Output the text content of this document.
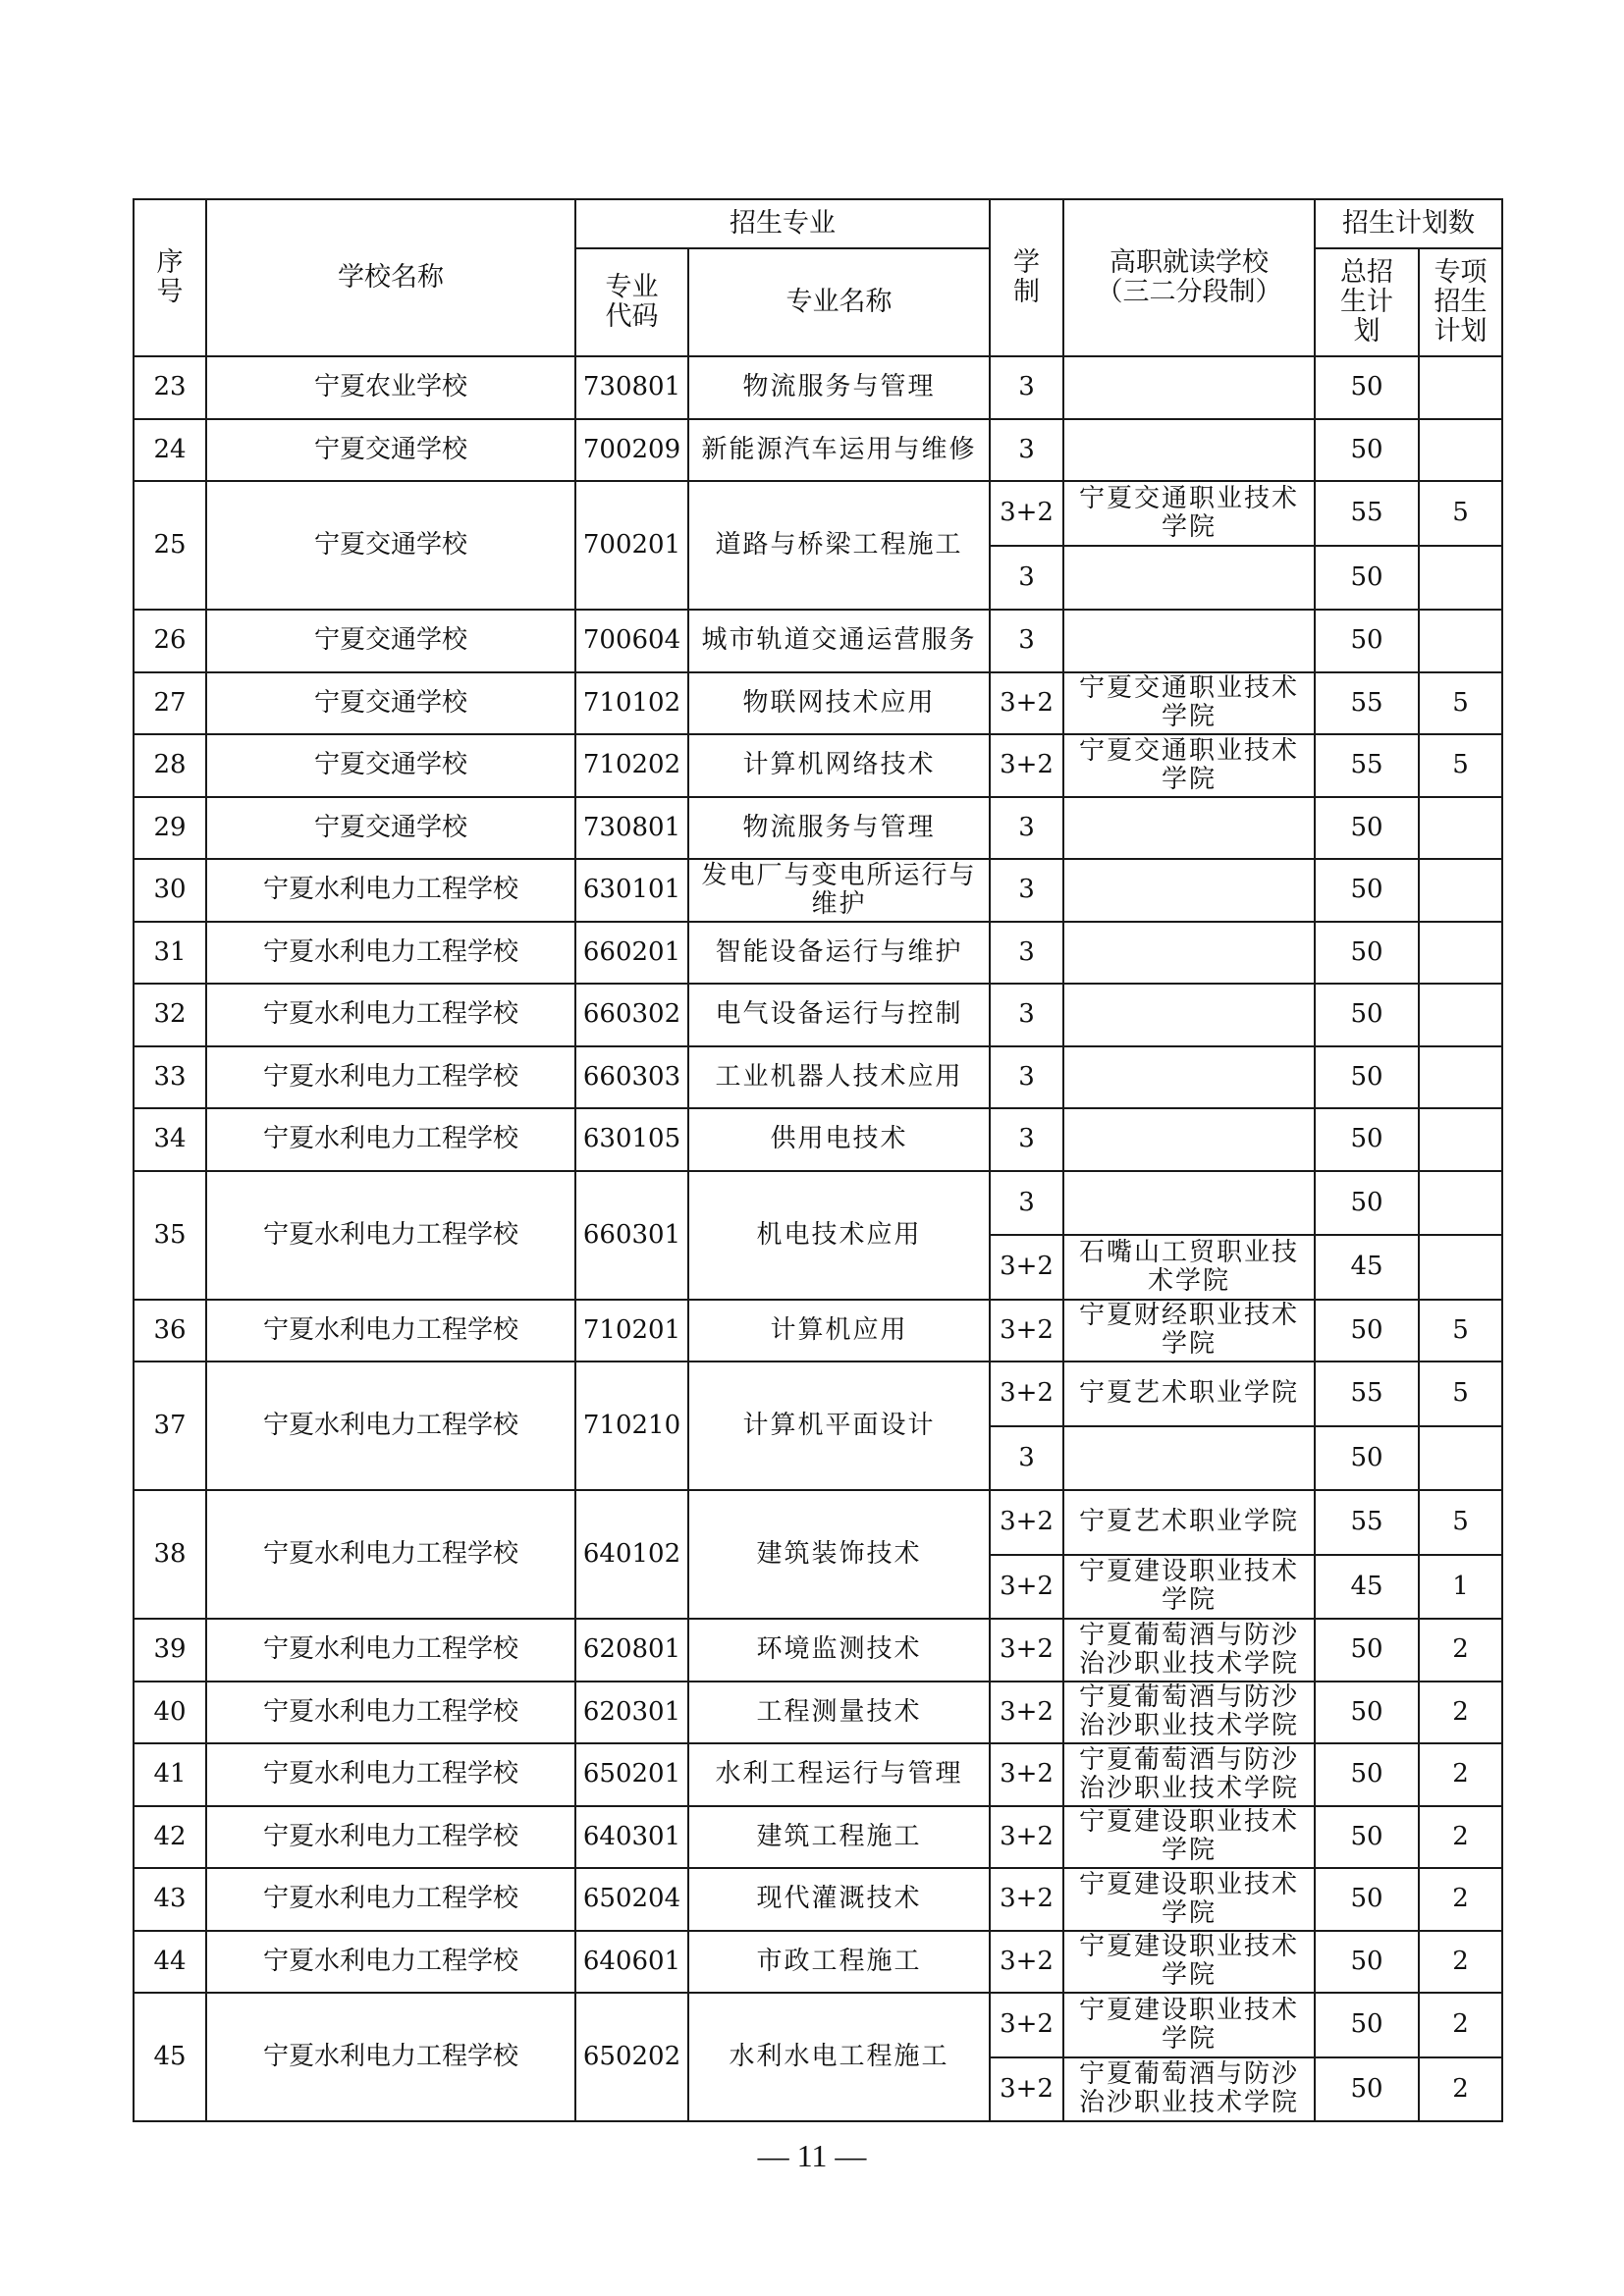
序号	学校名称	招生专业		学制	高职就读学校（三二分段制）	招生计划数	
		专业代码	专业名称			总招生计划	专项招生计划
23	宁夏农业学校	730801	物流服务与管理	3		50	
24	宁夏交通学校	700209	新能源汽车运用与维修	3		50	
25	宁夏交通学校	700201	道路与桥梁工程施工	3+2	宁夏交通职业技术学院	55	5
				3		50	
26	宁夏交通学校	700604	城市轨道交通运营服务	3		50	
27	宁夏交通学校	710102	物联网技术应用	3+2	宁夏交通职业技术学院	55	5
28	宁夏交通学校	710202	计算机网络技术	3+2	宁夏交通职业技术学院	55	5
29	宁夏交通学校	730801	物流服务与管理	3		50	
30	宁夏水利电力工程学校	630101	发电厂与变电所运行与维护	3		50	
31	宁夏水利电力工程学校	660201	智能设备运行与维护	3		50	
32	宁夏水利电力工程学校	660302	电气设备运行与控制	3		50	
33	宁夏水利电力工程学校	660303	工业机器人技术应用	3		50	
34	宁夏水利电力工程学校	630105	供用电技术	3		50	
35	宁夏水利电力工程学校	660301	机电技术应用	3		50	
				3+2	石嘴山工贸职业技术学院	45	
36	宁夏水利电力工程学校	710201	计算机应用	3+2	宁夏财经职业技术学院	50	5
37	宁夏水利电力工程学校	710210	计算机平面设计	3+2	宁夏艺术职业学院	55	5
				3		50	
38	宁夏水利电力工程学校	640102	建筑装饰技术	3+2	宁夏艺术职业学院	55	5
				3+2	宁夏建设职业技术学院	45	1
39	宁夏水利电力工程学校	620801	环境监测技术	3+2	宁夏葡萄酒与防沙治沙职业技术学院	50	2
40	宁夏水利电力工程学校	620301	工程测量技术	3+2	宁夏葡萄酒与防沙治沙职业技术学院	50	2
41	宁夏水利电力工程学校	650201	水利工程运行与管理	3+2	宁夏葡萄酒与防沙治沙职业技术学院	50	2
42	宁夏水利电力工程学校	640301	建筑工程施工	3+2	宁夏建设职业技术学院	50	2
43	宁夏水利电力工程学校	650204	现代灌溉技术	3+2	宁夏建设职业技术学院	50	2
44	宁夏水利电力工程学校	640601	市政工程施工	3+2	宁夏建设职业技术学院	50	2
45	宁夏水利电力工程学校	650202	水利水电工程施工	3+2	宁夏建设职业技术学院	50	2
				3+2	宁夏葡萄酒与防沙治沙职业技术学院	50	2
— 11 —
